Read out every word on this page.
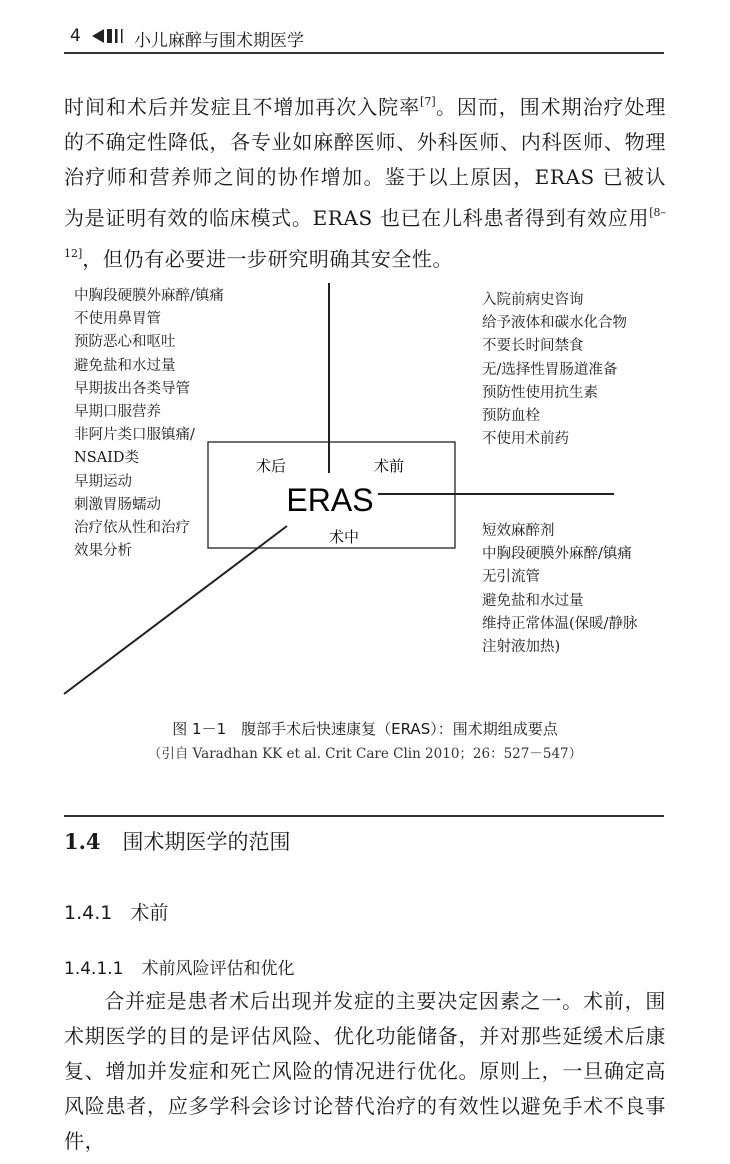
4	小儿麻醉与围术期医学

时间和术后并发症且不增加再次入院率[7]。因而，围术期治疗处理的不确定性降低，各专业如麻醉医师、外科医师、内科医师、物理治疗师和营养师之间的协作增加。鉴于以上原因，ERAS 已被认为是证明有效的临床模式。ERAS 也已在儿科患者得到有效应用[8–12]，但仍有必要进一步研究明确其安全性。

术后	术前
术中
ERAS
中胸段硬膜外麻醉/镇痛
不使用鼻胃管
预防恶心和呕吐
避免盐和水过量
早期拔出各类导管
早期口服营养
非阿片类口服镇痛/
NSAID类
早期运动
刺激胃肠蠕动
治疗依从性和治疗
效果分析
入院前病史咨询
给予液体和碳水化合物
不要长时间禁食
无/选择性胃肠道准备
预防性使用抗生素
预防血栓
不使用术前药
短效麻醉剂
中胸段硬膜外麻醉/镇痛
无引流管
避免盐和水过量
维持正常体温(保暖/静脉
注射液加热)
图 1－1　腹部手术后快速康复（ERAS）：围术期组成要点
（引自 Varadhan KK et al. Crit Care Clin 2010；26：527－547）
1.4 围术期医学的范围
1.4.1 术前
1.4.1.1 术前风险评估和优化

合并症是患者术后出现并发症的主要决定因素之一。术前，围术期医学的目的是评估风险、优化功能储备，并对那些延缓术后康复、增加并发症和死亡风险的情况进行优化。原则上，一旦确定高风险患者，应多学科会诊讨论替代治疗的有效性以避免手术不良事件，
